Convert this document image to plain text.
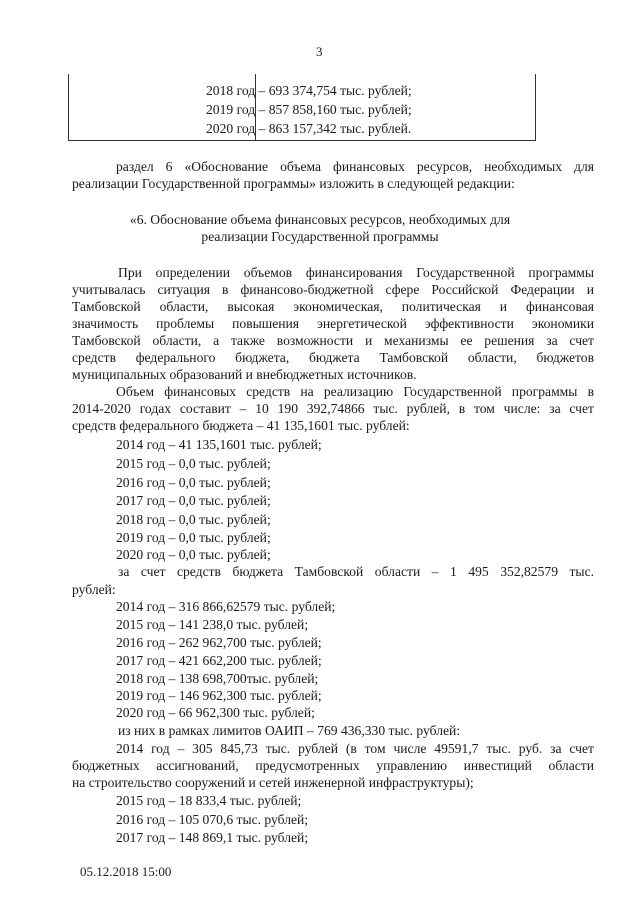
3
2018 год – 693 374,754 тыс. рублей;
2019 год – 857 858,160 тыс. рублей;
2020 год – 863 157,342 тыс. рублей.
раздел 6 «Обоснование объема финансовых ресурсов, необходимых для
реализации Государственной программы» изложить в следующей редакции:
«6. Обоснование объема финансовых ресурсов, необходимых для
реализации Государственной программы
При определении объемов финансирования Государственной программы
учитывалась ситуация в финансово-бюджетной сфере Российской Федерации и
Тамбовской области, высокая экономическая, политическая и финансовая
значимость проблемы повышения энергетической эффективности экономики
Тамбовской области, а также возможности и механизмы ее решения за счет
средств федерального бюджета, бюджета Тамбовской области, бюджетов
муниципальных образований и внебюджетных источников.
Объем финансовых средств на реализацию Государственной программы в
2014-2020 годах составит – 10 190 392,74866 тыс. рублей, в том числе: за счет
средств федерального бюджета – 41 135,1601 тыс. рублей:
2014 год – 41 135,1601 тыс. рублей;
2015 год – 0,0 тыс. рублей;
2016 год – 0,0 тыс. рублей;
2017 год – 0,0 тыс. рублей;
2018 год – 0,0 тыс. рублей;
2019 год – 0,0 тыс. рублей;
2020 год – 0,0 тыс. рублей;
за счет средств бюджета Тамбовской области – 1 495 352,82579 тыс.
рублей:
2014 год – 316 866,62579 тыс. рублей;
2015 год – 141 238,0 тыс. рублей;
2016 год – 262 962,700 тыс. рублей;
2017 год – 421 662,200 тыс. рублей;
2018 год – 138 698,700тыс. рублей;
2019 год – 146 962,300 тыс. рублей;
2020 год – 66 962,300 тыс. рублей;
из них в рамках лимитов ОАИП – 769 436,330 тыс. рублей:
2014 год – 305 845,73 тыс. рублей (в том числе 49591,7 тыс. руб. за счет
бюджетных ассигнований, предусмотренных управлению инвестиций области
на строительство сооружений и сетей инженерной инфраструктуры);
2015 год – 18 833,4 тыс. рублей;
2016 год – 105 070,6 тыс. рублей;
2017 год – 148 869,1 тыс. рублей;
05.12.2018 15:00
